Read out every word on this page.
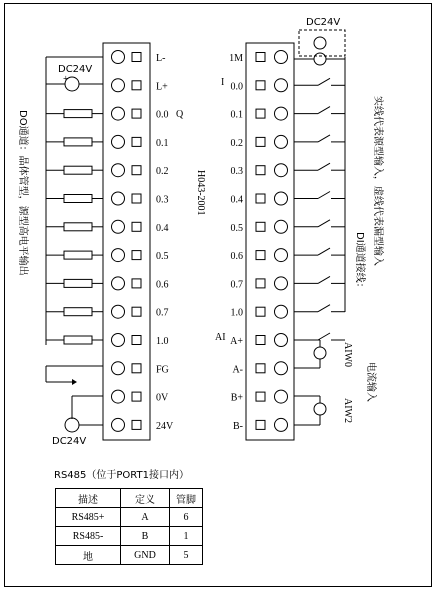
L-
L+
0.0
0.1
0.2
0.3
0.4
0.5
0.6
0.7
1.0
FG
0V
24V
Q
+
DC24V
DC24V
DO通道：晶体管型，源型高电平输出	H043-2001
1M
0.0
0.1
0.2
0.3
0.4
0.5
0.6
0.7
1.0
A+
A-
B+
B-
I
AI
DC24V
AIW0
AIW2
电流输入
DI通道接线： 实线代表源型输入，虚线代表漏型输入
RS485（位于PORT1接口内）
描述	定义	管脚
RS485+	A	6
RS485-	B	1
地	GND	5
